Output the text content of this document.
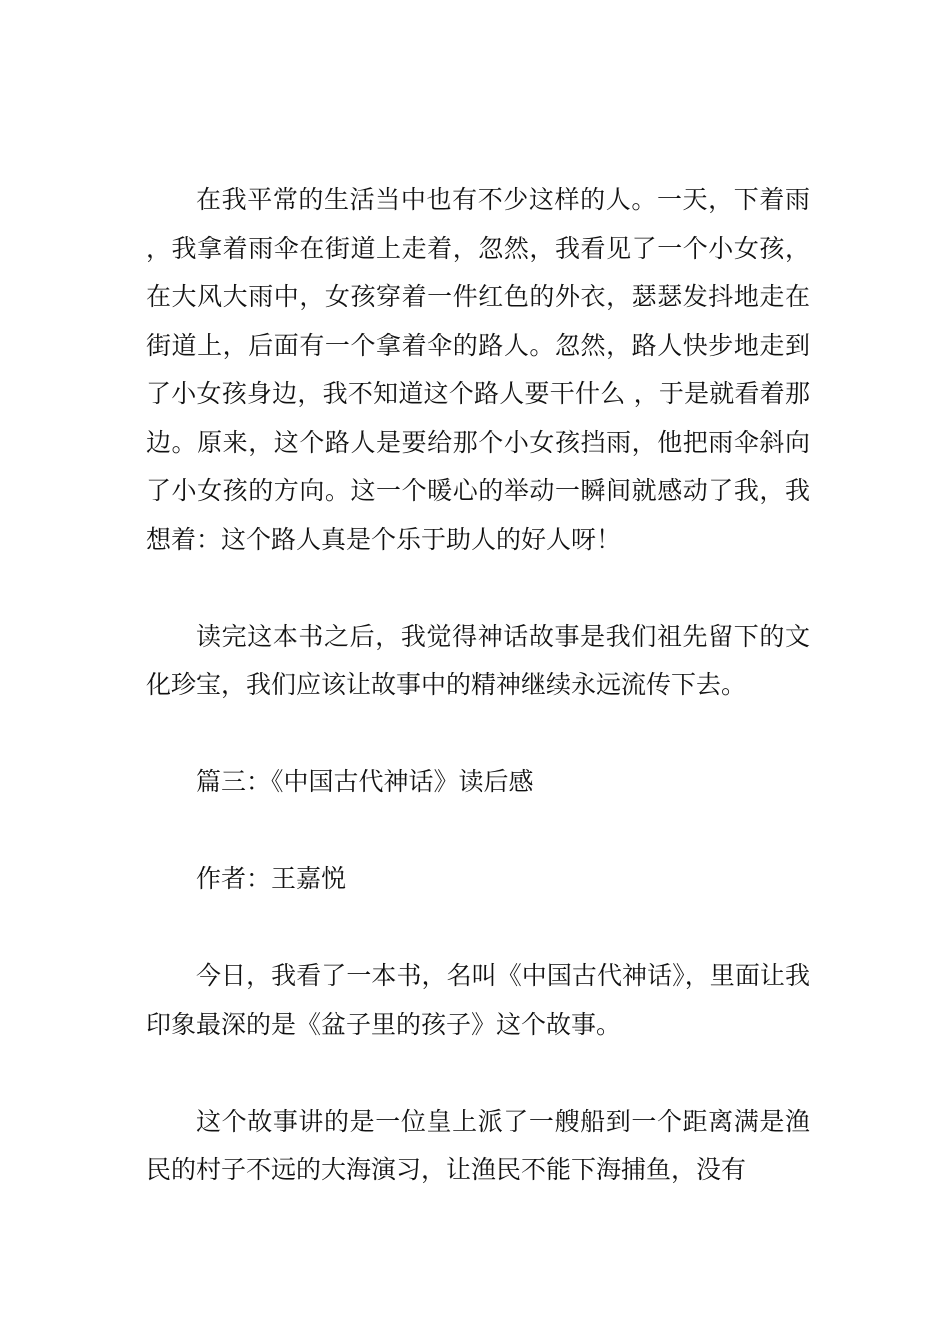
在我平常的生活当中也有不少这样的人。一天，下着雨，我拿着雨伞在街道上走着，忽然，我看见了一个小女孩，在大风大雨中，女孩穿着一件红色的外衣，瑟瑟发抖地走在街道上，后面有一个拿着伞的路人。忽然，路人快步地走到了小女孩身边，我不知道这个路人要干什么 ，于是就看着那边。原来，这个路人是要给那个小女孩挡雨，他把雨伞斜向了小女孩的方向。这一个暖心的举动一瞬间就感动了我，我想着：这个路人真是个乐于助人的好人呀！

读完这本书之后，我觉得神话故事是我们祖先留下的文化珍宝，我们应该让故事中的精神继续永远流传下去。

篇三：《中国古代神话》读后感

作者：王嘉悦

今日，我看了一本书，名叫《中国古代神话》，里面让我印象最深的是《盆子里的孩子》这个故事。

这个故事讲的是一位皇上派了一艘船到一个距离满是渔民的村子不远的大海演习，让渔民不能下海捕鱼，没有
